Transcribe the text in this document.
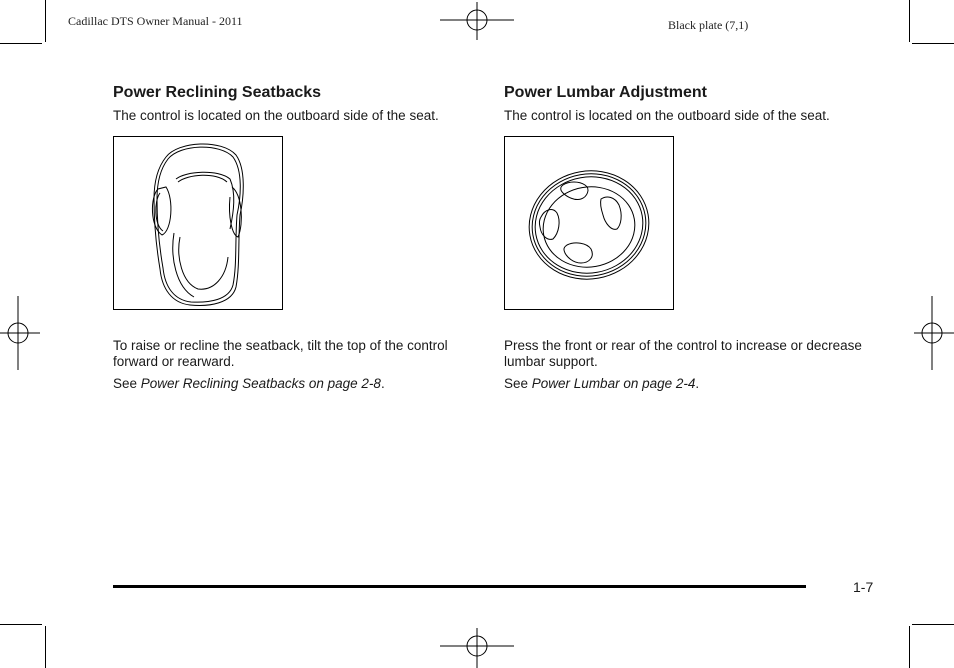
Cadillac DTS Owner Manual - 2011	Black plate (7,1)
Power Reclining Seatbacks

The control is located on the outboard side of the seat.

To raise or recline the seatback, tilt the top of the control forward or rearward.

See Power Reclining Seatbacks on page 2-8.

Power Lumbar Adjustment

The control is located on the outboard side of the seat.

Press the front or rear of the control to increase or decrease lumbar support.

See Power Lumbar on page 2-4.

1-7
